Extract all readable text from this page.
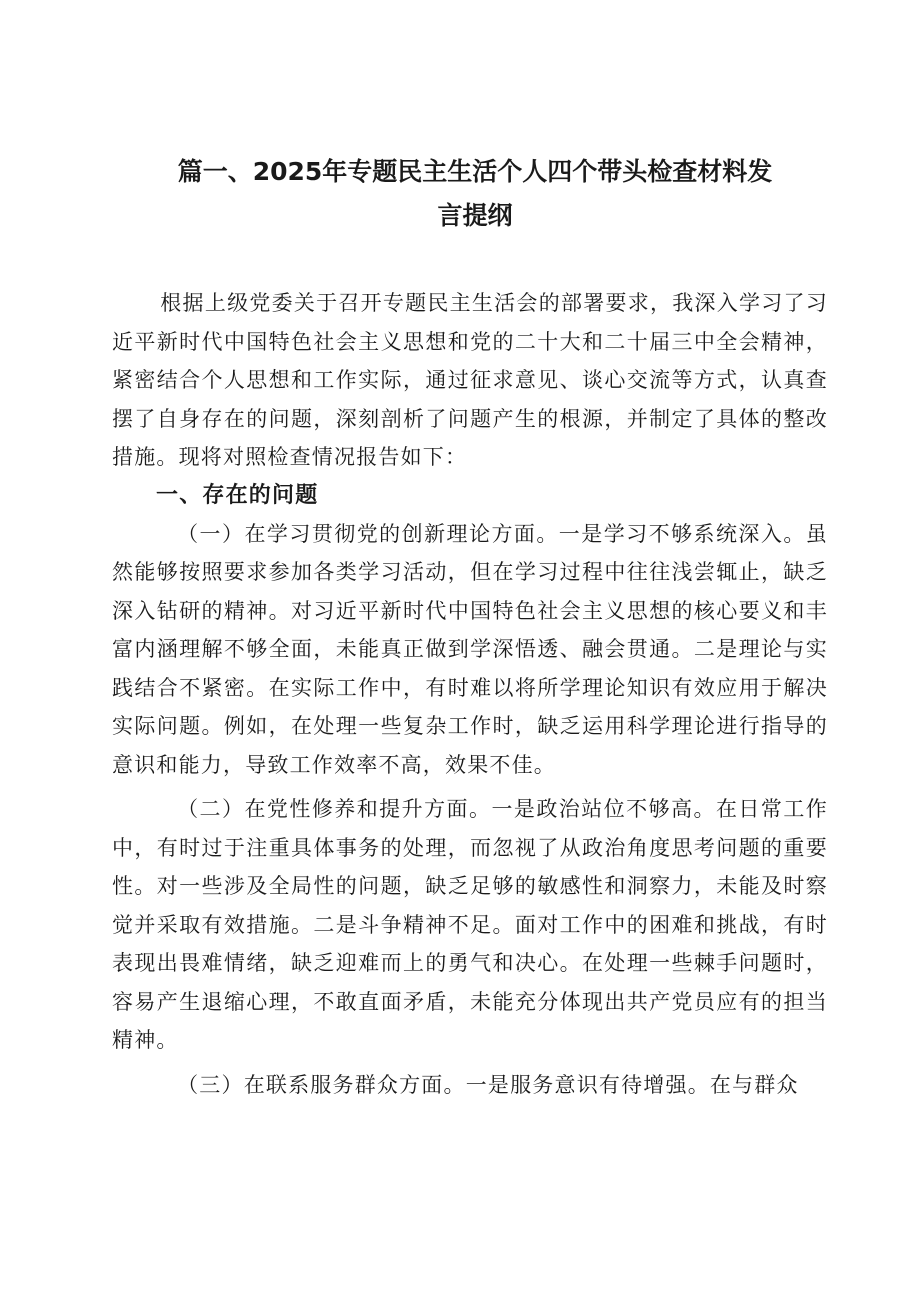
篇一、2025年专题民主生活个人四个带头检查材料发言提纲

根据上级党委关于召开专题民主生活会的部署要求，我深入学习了习近平新时代中国特色社会主义思想和党的二十大和二十届三中全会精神，紧密结合个人思想和工作实际，通过征求意见、谈心交流等方式，认真查摆了自身存在的问题，深刻剖析了问题产生的根源，并制定了具体的整改措施。现将对照检查情况报告如下：

一、存在的问题

（一）在学习贯彻党的创新理论方面。一是学习不够系统深入。虽然能够按照要求参加各类学习活动，但在学习过程中往往浅尝辄止，缺乏深入钻研的精神。对习近平新时代中国特色社会主义思想的核心要义和丰富内涵理解不够全面，未能真正做到学深悟透、融会贯通。二是理论与实践结合不紧密。在实际工作中，有时难以将所学理论知识有效应用于解决实际问题。例如，在处理一些复杂工作时，缺乏运用科学理论进行指导的意识和能力，导致工作效率不高，效果不佳。

（二）在党性修养和提升方面。一是政治站位不够高。在日常工作中，有时过于注重具体事务的处理，而忽视了从政治角度思考问题的重要性。对一些涉及全局性的问题，缺乏足够的敏感性和洞察力，未能及时察觉并采取有效措施。二是斗争精神不足。面对工作中的困难和挑战，有时表现出畏难情绪，缺乏迎难而上的勇气和决心。在处理一些棘手问题时，容易产生退缩心理，不敢直面矛盾，未能充分体现出共产党员应有的担当精神。

（三）在联系服务群众方面。一是服务意识有待增强。在与群众
